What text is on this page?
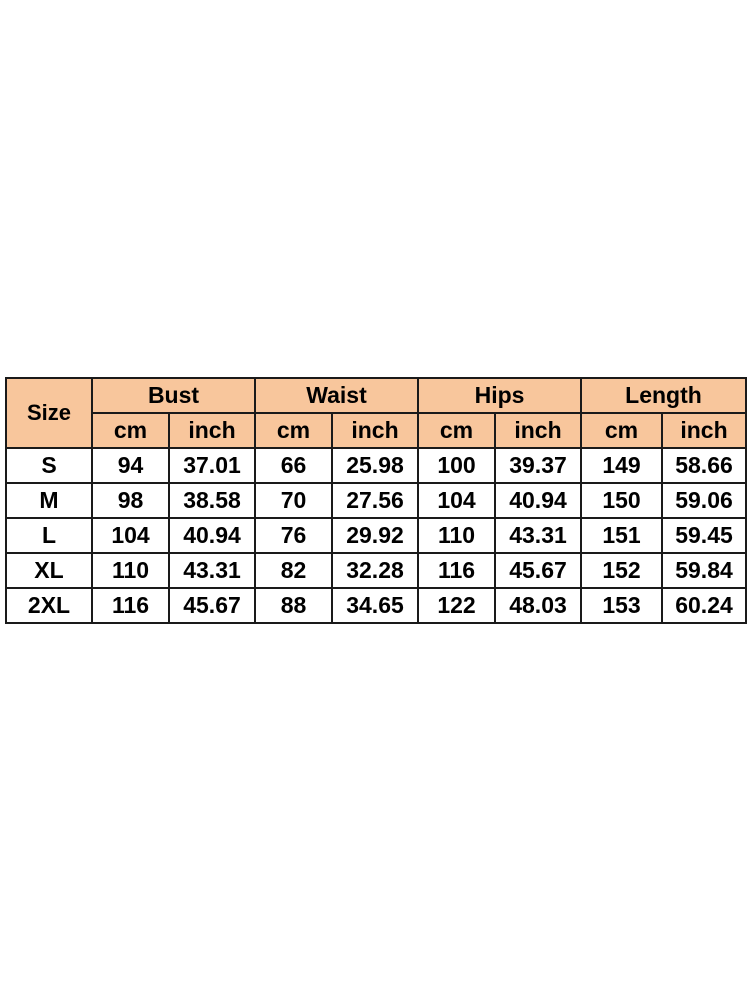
Size	Bust		Waist		Hips		Length	
	cm	inch	cm	inch	cm	inch	cm	inch
S	94	37.01	66	25.98	100	39.37	149	58.66
M	98	38.58	70	27.56	104	40.94	150	59.06
L	104	40.94	76	29.92	110	43.31	151	59.45
XL	110	43.31	82	32.28	116	45.67	152	59.84
2XL	116	45.67	88	34.65	122	48.03	153	60.24
